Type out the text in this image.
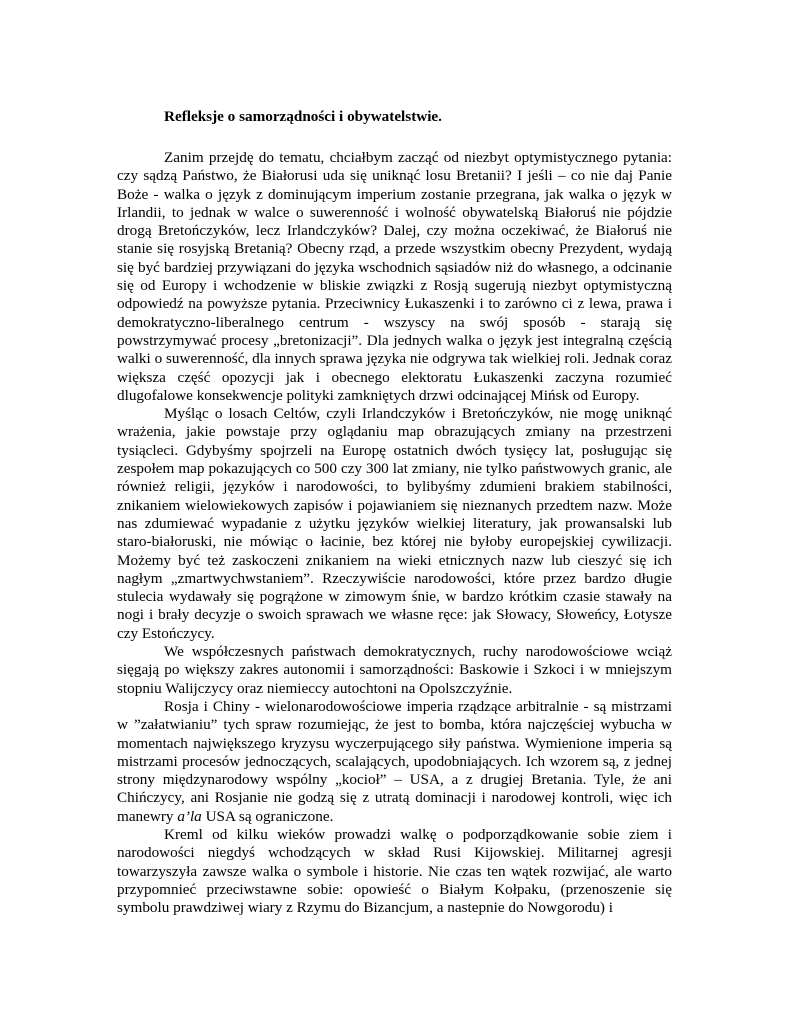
Refleksje o samorządności i obywatelstwie.

Zanim przejdę do tematu, chciałbym zacząć od niezbyt optymistycznego pytania: czy sądzą Państwo, że Białorusi uda się uniknąć losu Bretanii? I jeśli – co nie daj Panie Boże - walka o język z dominującym imperium zostanie przegrana, jak walka o język w Irlandii, to jednak w walce o suwerenność i wolność obywatelską Białoruś nie pójdzie drogą Bretończyków, lecz Irlandczyków? Dalej, czy można oczekiwać, że Białoruś nie stanie się rosyjską Bretanią? Obecny rząd, a przede wszystkim obecny Prezydent, wydają się być bardziej przywiązani do języka wschodnich sąsiadów niż do własnego, a odcinanie się od Europy i wchodzenie w bliskie związki z Rosją sugerują niezbyt optymistyczną odpowiedź na powyższe pytania. Przeciwnicy Łukaszenki i to zarówno ci z lewa, prawa i demokratyczno-liberalnego centrum - wszyscy na swój sposób - starają się powstrzymywać procesy „bretonizacji”. Dla jednych walka o język jest integralną częścią walki o suwerenność, dla innych sprawa języka nie odgrywa tak wielkiej roli. Jednak coraz większa część opozycji jak i obecnego elektoratu Łukaszenki zaczyna rozumieć dlugofalowe konsekwencje polityki zamkniętych drzwi odcinającej Mińsk od Europy.

Myśląc o losach Celtów, czyli Irlandczyków i Bretończyków, nie mogę uniknąć wrażenia, jakie powstaje przy oglądaniu map obrazujących zmiany na przestrzeni tysiącleci. Gdybyśmy spojrzeli na Europę ostatnich dwóch tysięcy lat, posługując się zespołem map pokazujących co 500 czy 300 lat zmiany, nie tylko państwowych granic, ale również religii, języków i narodowości, to bylibyśmy zdumieni brakiem stabilności, znikaniem wielowiekowych zapisów i pojawianiem się nieznanych przedtem nazw. Może nas zdumiewać wypadanie z użytku języków wielkiej literatury, jak prowansalski lub staro-białoruski, nie mówiąc o łacinie, bez której nie byłoby europejskiej cywilizacji. Możemy być też zaskoczeni znikaniem na wieki etnicznych nazw lub cieszyć się ich nagłym „zmartwychwstaniem”. Rzeczywiście narodowości, które przez bardzo długie stulecia wydawały się pogrążone w zimowym śnie, w bardzo krótkim czasie stawały na nogi i brały decyzje o swoich sprawach we własne ręce: jak Słowacy, Słoweńcy, Łotysze czy Estończycy.

We współczesnych państwach demokratycznych, ruchy narodowościowe wciąż sięgają po większy zakres autonomii i samorządności: Baskowie i Szkoci i w mniejszym stopniu Walijczycy oraz niemieccy autochtoni na Opolszczyźnie.

Rosja i Chiny - wielonarodowościowe imperia rządzące arbitralnie - są mistrzami w ”załatwianiu” tych spraw rozumiejąc, że jest to bomba, która najczęściej wybucha w momentach największego kryzysu wyczerpującego siły państwa. Wymienione imperia są mistrzami procesów jednoczących, scalających, upodobniających. Ich wzorem są, z jednej strony międzynarodowy wspólny „kocioł” – USA, a z drugiej Bretania. Tyle, że ani Chińczycy, ani Rosjanie nie godzą się z utratą dominacji i narodowej kontroli, więc ich manewry a’la USA są ograniczone.

Kreml od kilku wieków prowadzi walkę o podporządkowanie sobie ziem i narodowości niegdyś wchodzących w skład Rusi Kijowskiej. Militarnej agresji towarzyszyła zawsze walka o symbole i historie. Nie czas ten wątek rozwijać, ale warto przypomnieć przeciwstawne sobie: opowieść o Białym Kołpaku, (przenoszenie się symbolu prawdziwej wiary z Rzymu do Bizancjum, a nastepnie do Nowgorodu) i
